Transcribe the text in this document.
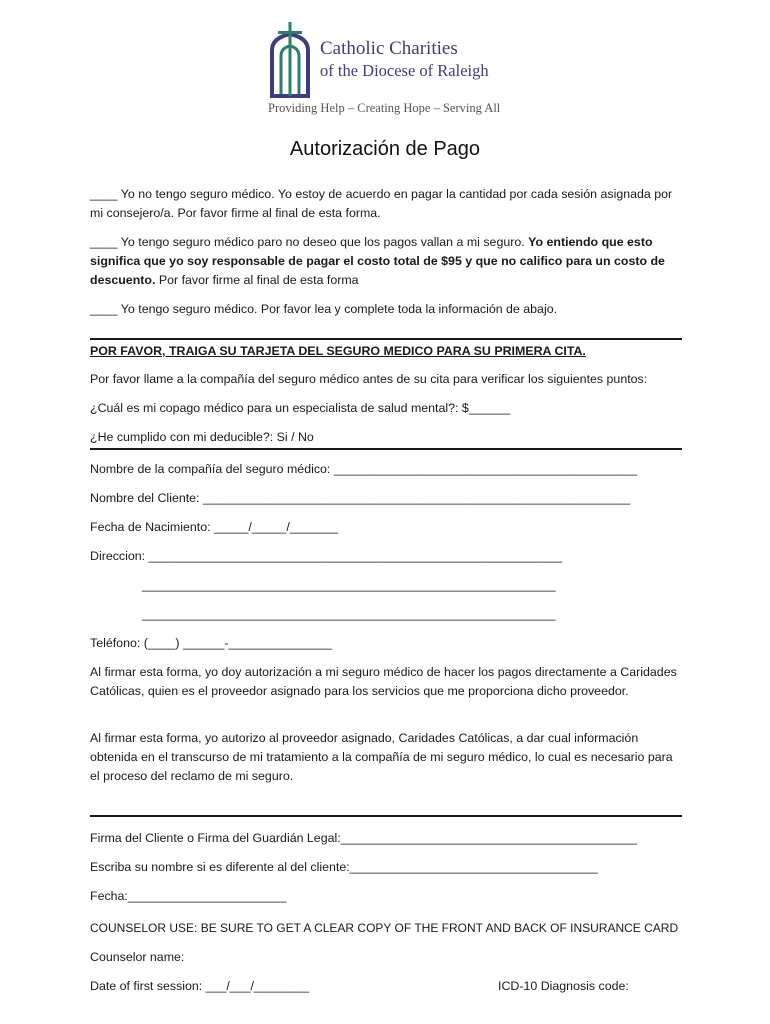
Catholic Charities
of the Diocese of Raleigh
Providing Help – Creating Hope – Serving All
Autorización de Pago
____ Yo no tengo seguro médico. Yo estoy de acuerdo en pagar la cantidad por cada sesión asignada por mi consejero/a. Por favor firme al final de esta forma.
____ Yo tengo seguro médico paro no deseo que los pagos vallan a mi seguro. Yo entiendo que esto significa que yo soy responsable de pagar el costo total de $95 y que no califico para un costo de descuento. Por favor firme al final de esta forma
____ Yo tengo seguro médico. Por favor lea y complete toda la información de abajo.
POR FAVOR, TRAIGA SU TARJETA DEL SEGURO MEDICO PARA SU PRIMERA CITA.
Por favor llame a la compañía del seguro médico antes de su cita para verificar los siguientes puntos:
¿Cuál es mi copago médico para un especialista de salud mental?: $______
¿He cumplido con mi deducible?: Si / No
Nombre de la compañía del seguro médico: ____________________________________________
Nombre del Cliente: ______________________________________________________________
Fecha de Nacimiento: _____/_____/_______
Direccion: ____________________________________________________________
____________________________________________________________
____________________________________________________________
Teléfono: (____) ______-_______________
Al firmar esta forma, yo doy autorización a mi seguro médico de hacer los pagos directamente a Caridades Católicas, quien es el proveedor asignado para los servicios que me proporciona dicho proveedor.
Al firmar esta forma, yo autorizo al proveedor asignado, Caridades Católicas, a dar cual información obtenida en el transcurso de mi tratamiento a la compañía de mi seguro médico, lo cual es necesario para el proceso del reclamo de mi seguro.
Firma del Cliente o Firma del Guardián Legal:___________________________________________
Escriba su nombre si es diferente al del cliente:____________________________________
Fecha:_______________________
COUNSELOR USE: BE SURE TO GET A CLEAR COPY OF THE FRONT AND BACK OF INSURANCE CARD
Counselor name:
Date of first session: ___/___/________	ICD-10 Diagnosis code:
